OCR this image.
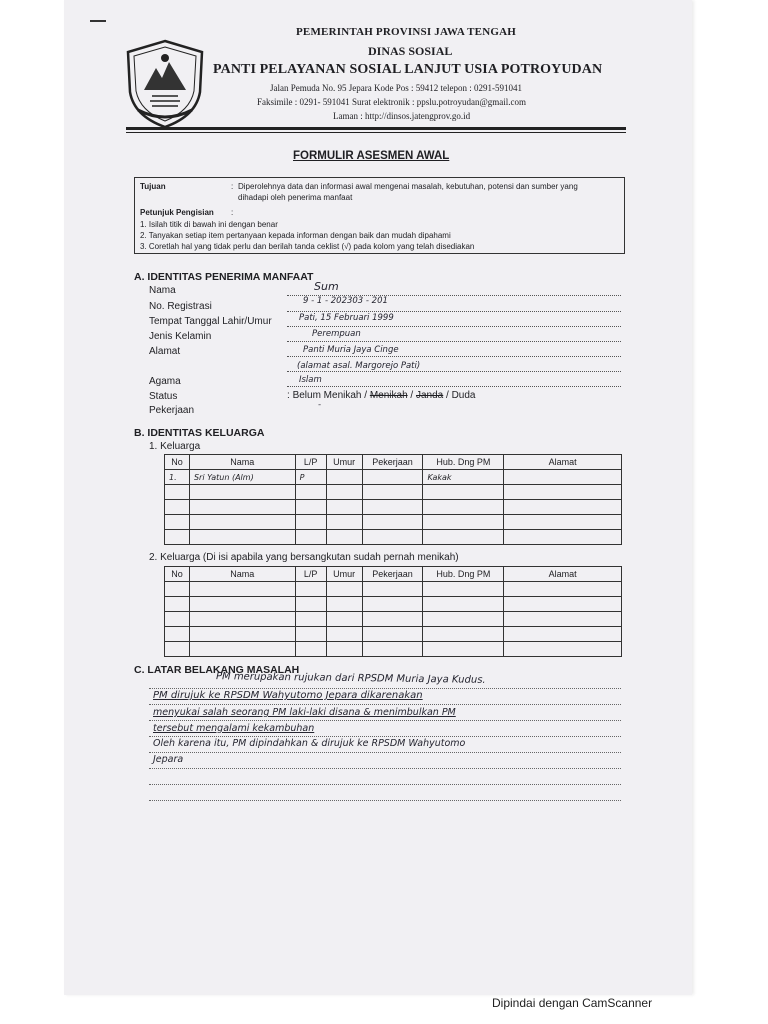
PEMERINTAH PROVINSI JAWA TENGAH
DINAS SOSIAL
PANTI PELAYANAN SOSIAL LANJUT USIA POTROYUDAN
Jalan Pemuda No. 95 Jepara Kode Pos : 59412 telepon : 0291-591041
Faksimile : 0291- 591041 Surat elektronik : ppslu.potroyudan@gmail.com
Laman : http://dinsos.jatengprov.go.id
FORMULIR ASESMEN AWAL
Tujuan	: Diperolehnya data dan informasi awal mengenai masalah, kebutuhan, potensi dan sumber yang
dihadapi oleh penerima manfaat
Petunjuk Pengisian :
1. Isilah titik di bawah ini dengan benar
2. Tanyakan setiap item pertanyaan kepada informan dengan baik dan mudah dipahami
3. Coretlah hal yang tidak perlu dan berilah tanda ceklist (√) pada kolom yang telah disediakan
A. IDENTITAS PENERIMA MANFAAT
Nama	Sum
No. Registrasi	9 - 1 - 202303 - 201
Tempat Tanggal Lahir/Umur	Pati, 15 Februari 1999
Jenis Kelamin	Perempuan
Alamat	Panti Muria Jaya Cinge
(alamat asal. Margorejo Pati)
Agama	Islam
Status	: Belum Menikah / Menikah / Janda / Duda
Pekerjaan	-
B. IDENTITAS KELUARGA
1. Keluarga
No	Nama	L/P	Umur	Pekerjaan	Hub. Dng PM	Alamat
1.	Sri Yatun (Alm)	P			Kakak	

2. Keluarga (Di isi apabila yang bersangkutan sudah pernah menikah)
No	Nama	L/P	Umur	Pekerjaan	Hub. Dng PM	Alamat

C. LATAR BELAKANG MASALAH
PM merupakan rujukan dari RPSDM Muria Jaya Kudus.
PM dirujuk ke RPSDM Wahyutomo Jepara dikarenakan
menyukai salah seorang PM laki-laki disana & menimbulkan PM
tersebut mengalami kekambuhan
Oleh karena itu, PM dipindahkan & dirujuk ke RPSDM Wahyutomo
Jepara
Dipindai dengan CamScanner
